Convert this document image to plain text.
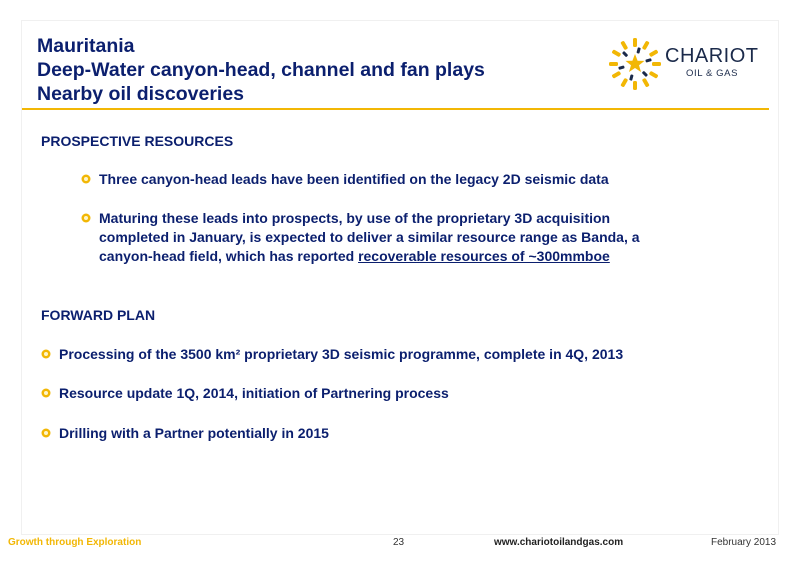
Mauritania
Deep-Water canyon-head, channel and fan plays
Nearby oil discoveries
CHARIOT
OIL & GAS
PROSPECTIVE RESOURCES
Three canyon-head leads have been identified on the legacy 2D seismic data
Maturing these leads into prospects, by use of the proprietary 3D acquisition
completed in January, is expected to deliver a similar resource range as Banda, a
canyon-head field, which has reported recoverable resources of ~300mmboe
FORWARD PLAN
Processing of the 3500 km² proprietary 3D seismic programme, complete in 4Q, 2013
Resource update 1Q, 2014, initiation of Partnering process
Drilling with a Partner potentially in 2015
Growth through Exploration	23	www.chariotoilandgas.com	February 2013
